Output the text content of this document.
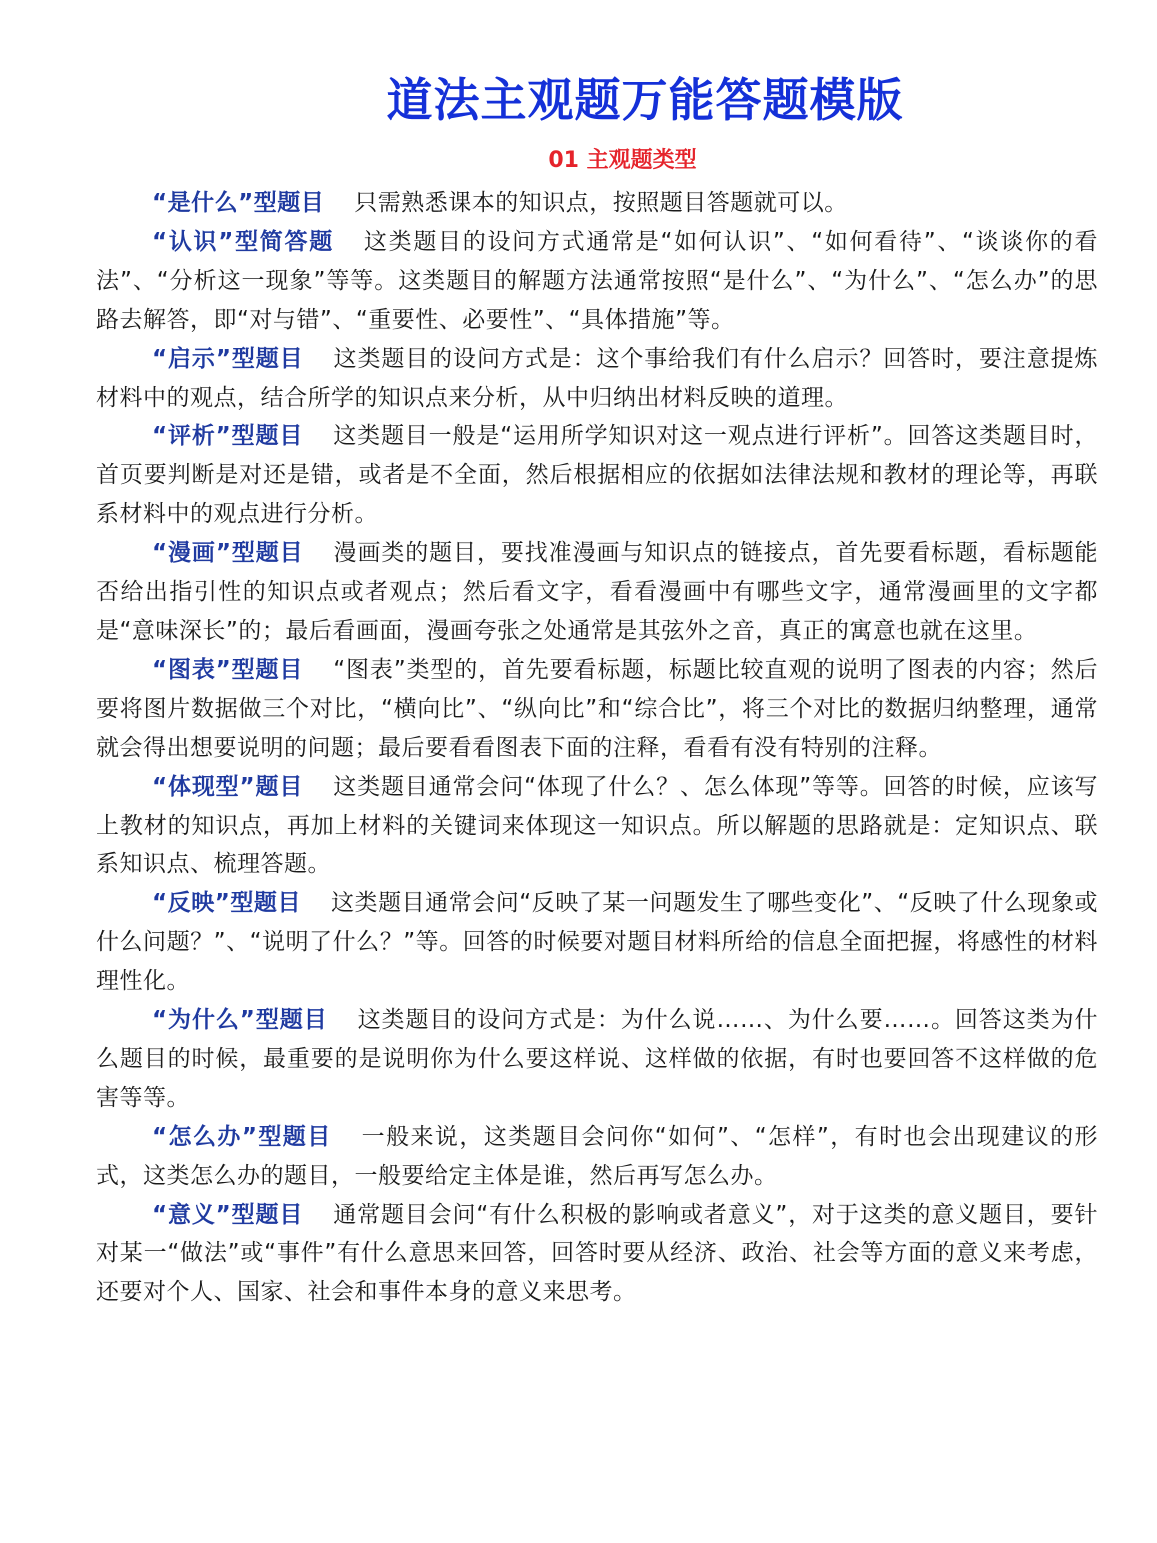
道法主观题万能答题模版
01 主观题类型

“是什么”型题目 只需熟悉课本的知识点，按照题目答题就可以。

“认识”型简答题 这类题目的设问方式通常是“如何认识”、“如何看待”、“谈谈你的看法”、“分析这一现象”等等。这类题目的解题方法通常按照“是什么”、“为什么”、“怎么办”的思路去解答，即“对与错”、“重要性、必要性”、“具体措施”等。

“启示”型题目 这类题目的设问方式是：这个事给我们有什么启示？回答时，要注意提炼材料中的观点，结合所学的知识点来分析，从中归纳出材料反映的道理。

“评析”型题目 这类题目一般是“运用所学知识对这一观点进行评析”。回答这类题目时，首页要判断是对还是错，或者是不全面，然后根据相应的依据如法律法规和教材的理论等，再联系材料中的观点进行分析。

“漫画”型题目 漫画类的题目，要找准漫画与知识点的链接点，首先要看标题，看标题能否给出指引性的知识点或者观点；然后看文字，看看漫画中有哪些文字，通常漫画里的文字都是“意味深长”的；最后看画面，漫画夸张之处通常是其弦外之音，真正的寓意也就在这里。

“图表”型题目 “图表”类型的，首先要看标题，标题比较直观的说明了图表的内容；然后要将图片数据做三个对比，“横向比”、“纵向比”和“综合比”，将三个对比的数据归纳整理，通常就会得出想要说明的问题；最后要看看图表下面的注释，看看有没有特别的注释。

“体现型”题目 这类题目通常会问“体现了什么？、怎么体现”等等。回答的时候，应该写上教材的知识点，再加上材料的关键词来体现这一知识点。所以解题的思路就是：定知识点、联系知识点、梳理答题。

“反映”型题目 这类题目通常会问“反映了某一问题发生了哪些变化”、“反映了什么现象或什么问题？”、“说明了什么？”等。回答的时候要对题目材料所给的信息全面把握，将感性的材料理性化。

“为什么”型题目 这类题目的设问方式是：为什么说……、为什么要……。回答这类为什么题目的时候，最重要的是说明你为什么要这样说、这样做的依据，有时也要回答不这样做的危害等等。

“怎么办”型题目 一般来说，这类题目会问你“如何”、“怎样”，有时也会出现建议的形式，这类怎么办的题目，一般要给定主体是谁，然后再写怎么办。

“意义”型题目 通常题目会问“有什么积极的影响或者意义”，对于这类的意义题目，要针对某一“做法”或“事件”有什么意思来回答，回答时要从经济、政治、社会等方面的意义来考虑，还要对个人、国家、社会和事件本身的意义来思考。
